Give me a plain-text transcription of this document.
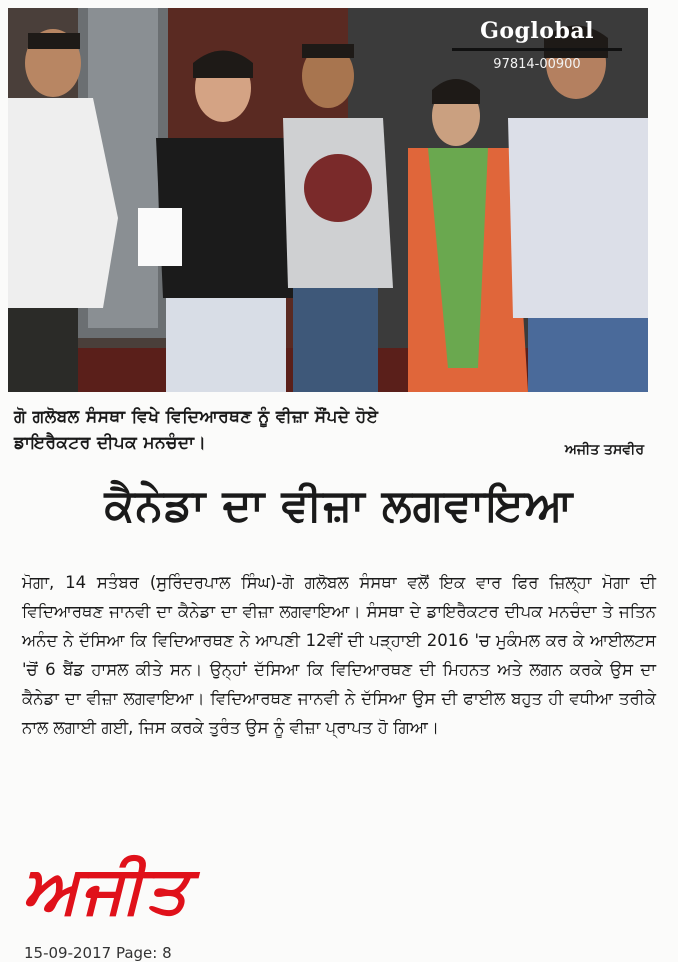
Goglobal
97814-00900
ਗੋ ਗਲੋਬਲ ਸੰਸਥਾ ਵਿਖੇ ਵਿਦਿਆਰਥਣ ਨੂੰ ਵੀਜ਼ਾ ਸੌਂਪਦੇ ਹੋਏ
ਡਾਇਰੈਕਟਰ ਦੀਪਕ ਮਨਚੰਦਾ।	ਅਜੀਤ ਤਸਵੀਰ
ਕੈਨੇਡਾ ਦਾ ਵੀਜ਼ਾ ਲਗਵਾਇਆ

ਮੋਗਾ, 14 ਸਤੰਬਰ (ਸੁਰਿੰਦਰਪਾਲ ਸਿੰਘ)-ਗੋ ਗਲੋਬਲ ਸੰਸਥਾ ਵਲੋਂ ਇਕ ਵਾਰ ਫਿਰ ਜ਼ਿਲ੍ਹਾ ਮੋਗਾ ਦੀ ਵਿਦਿਆਰਥਣ ਜਾਨਵੀ ਦਾ ਕੈਨੇਡਾ ਦਾ ਵੀਜ਼ਾ ਲਗਵਾਇਆ। ਸੰਸਥਾ ਦੇ ਡਾਇਰੈਕਟਰ ਦੀਪਕ ਮਨਚੰਦਾ ਤੇ ਜਤਿਨ ਅਨੰਦ ਨੇ ਦੱਸਿਆ ਕਿ ਵਿਦਿਆਰਥਣ ਨੇ ਆਪਣੀ 12ਵੀਂ ਦੀ ਪੜ੍ਹਾਈ 2016 'ਚ ਮੁਕੰਮਲ ਕਰ ਕੇ ਆਈਲਟਸ 'ਚੋਂ 6 ਬੈਂਡ ਹਾਸਲ ਕੀਤੇ ਸਨ। ਉਨ੍ਹਾਂ ਦੱਸਿਆ ਕਿ ਵਿਦਿਆਰਥਣ ਦੀ ਮਿਹਨਤ ਅਤੇ ਲਗਨ ਕਰਕੇ ਉਸ ਦਾ ਕੈਨੇਡਾ ਦਾ ਵੀਜ਼ਾ ਲਗਵਾਇਆ। ਵਿਦਿਆਰਥਣ ਜਾਨਵੀ ਨੇ ਦੱਸਿਆ ਉਸ ਦੀ ਫਾਈਲ ਬਹੁਤ ਹੀ ਵਧੀਆ ਤਰੀਕੇ ਨਾਲ ਲਗਾਈ ਗਈ, ਜਿਸ ਕਰਕੇ ਤੁਰੰਤ ਉਸ ਨੂੰ ਵੀਜ਼ਾ ਪ੍ਰਾਪਤ ਹੋ ਗਿਆ।

ਅਜੀਤ
15-09-2017 Page: 8
